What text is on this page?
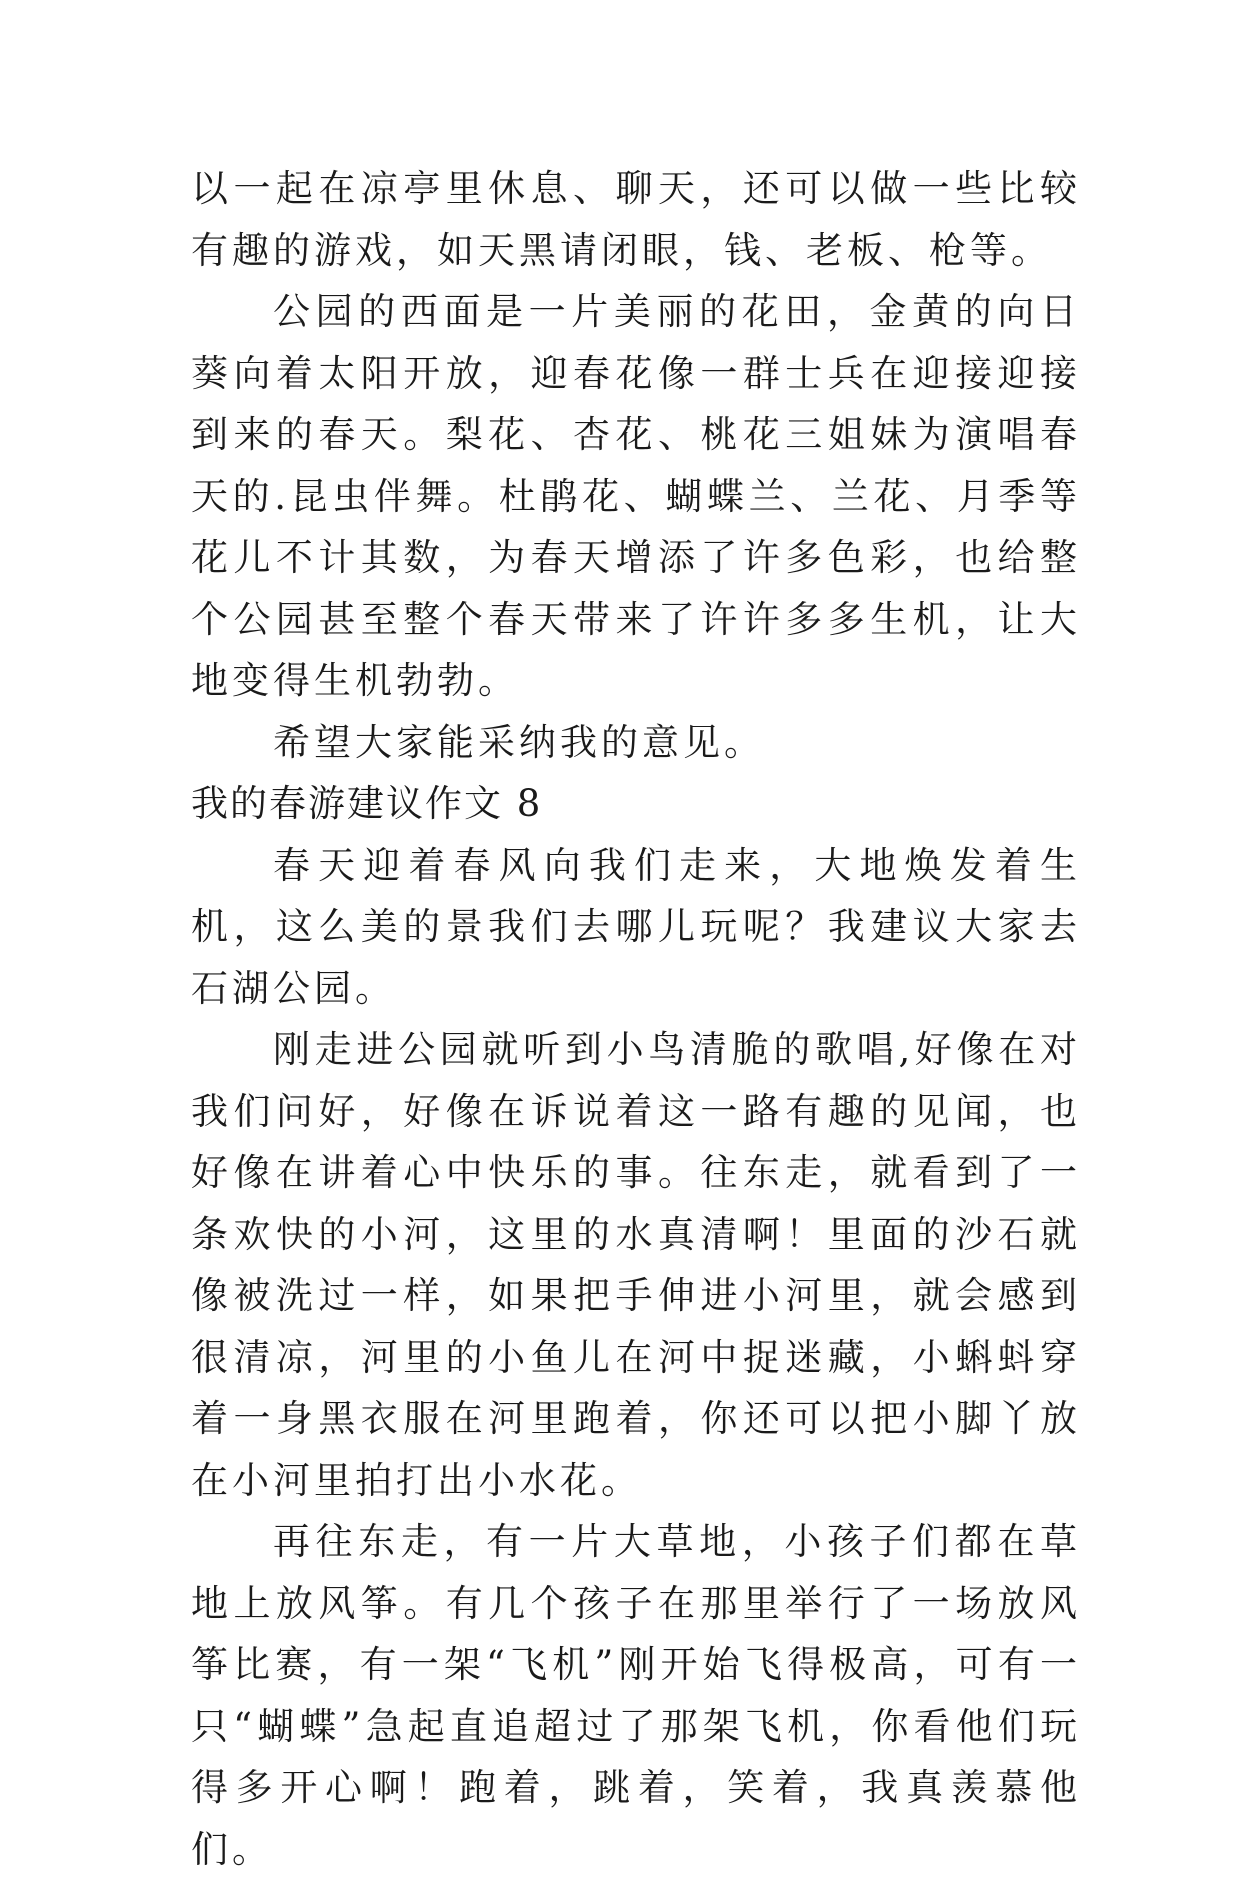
以一起在凉亭里休息、聊天，还可以做一些比较有趣的游戏，如天黑请闭眼，钱、老板、枪等。

公园的西面是一片美丽的花田，金黄的向日葵向着太阳开放，迎春花像一群士兵在迎接迎接到来的春天。梨花、杏花、桃花三姐妹为演唱春天的.昆虫伴舞。杜鹃花、蝴蝶兰、兰花、月季等花儿不计其数，为春天增添了许多色彩，也给整个公园甚至整个春天带来了许许多多生机，让大地变得生机勃勃。

希望大家能采纳我的意见。

我的春游建议作文 8

春天迎着春风向我们走来，大地焕发着生机，这么美的景我们去哪儿玩呢？我建议大家去石湖公园。

刚走进公园就听到小鸟清脆的歌唱,好像在对我们问好，好像在诉说着这一路有趣的见闻，也好像在讲着心中快乐的事。往东走，就看到了一条欢快的小河，这里的水真清啊！里面的沙石就像被洗过一样，如果把手伸进小河里，就会感到很清凉，河里的小鱼儿在河中捉迷藏，小蝌蚪穿着一身黑衣服在河里跑着，你还可以把小脚丫放在小河里拍打出小水花。

再往东走，有一片大草地，小孩子们都在草地上放风筝。有几个孩子在那里举行了一场放风筝比赛，有一架“飞机”刚开始飞得极高，可有一只“蝴蝶”急起直追超过了那架飞机，你看他们玩得多开心啊！跑着，跳着，笑着，我真羡慕他们。
